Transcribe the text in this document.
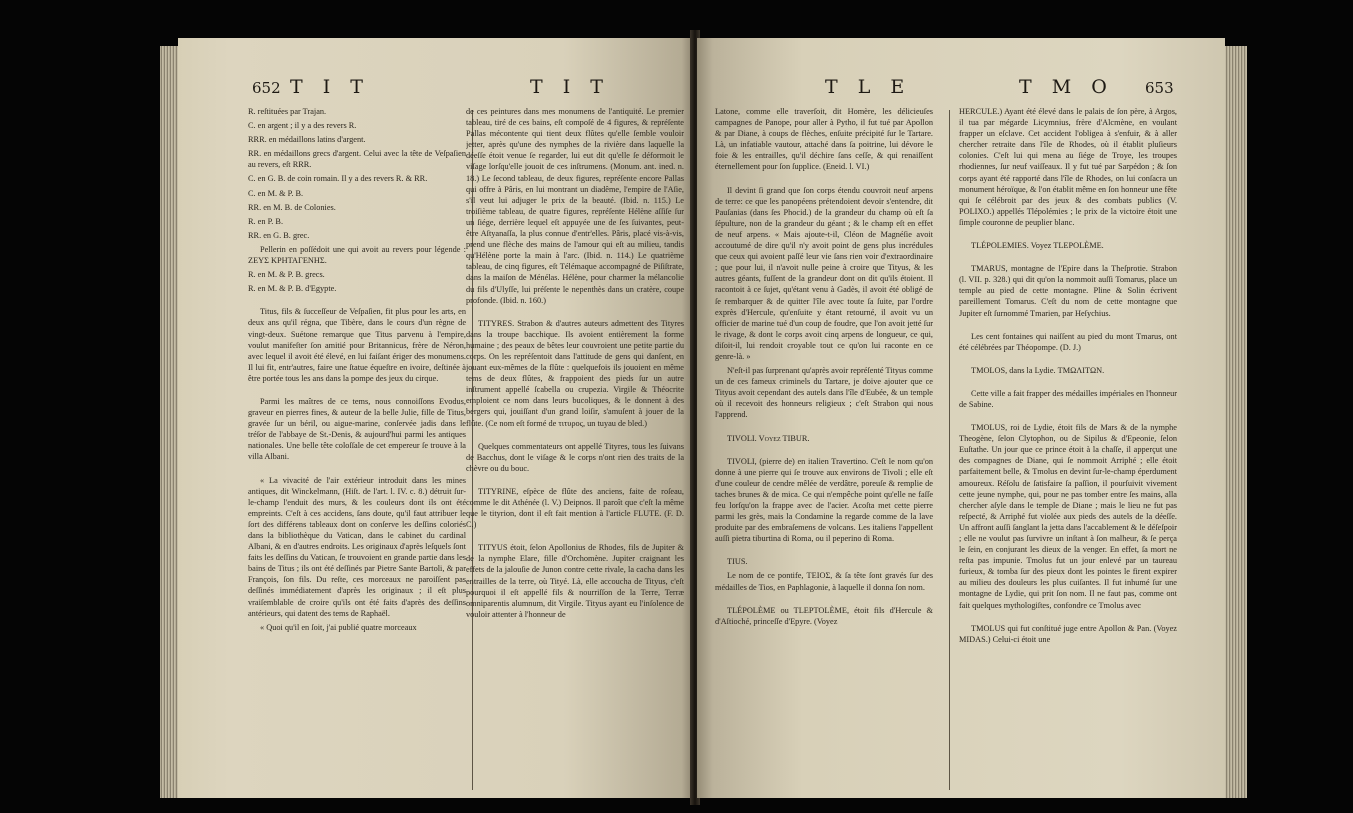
652 T I T	T I T

R. reſtituées par Trajan.

C. en argent ; il y a des revers R.

RRR. en médaillons latins d'argent.

RR. en médaillons grecs d'argent. Celui avec la tête de Veſpaſien au revers, eſt RRR.

C. en G. B. de coin romain. Il y a des revers R. & RR.

C. en M. & P. B.

RR. en M. B. de Colonies.

R. en P. B.

RR. en G. B. grec.

Pellerin en poſſédoit une qui avoit au revers pour légende : ΖΕΥΣ ΚΡΗΤΑΓΕΝΗΣ.

R. en M. & P. B. grecs.

R. en M. & P. B. d'Egypte.

Titus, fils & ſucceſſeur de Veſpaſien, fit plus pour les arts, en deux ans qu'il régna, que Tibère, dans le cours d'un règne de vingt-deux. Suétone remarque que Titus parvenu à l'empire, voulut manifeſter ſon amitié pour Britannicus, frère de Néron, avec lequel il avoit été élevé, en lui faiſant ériger des monumens. Il lui fit, entr'autres, faire une ſtatue équeſtre en ivoire, deſtinée à être portée tous les ans dans la pompe des jeux du cirque.

Parmi les maîtres de ce tems, nous connoiſſons Evodus, graveur en pierres fines, & auteur de la belle Julie, fille de Titus, gravée ſur un béril, ou aigue-marine, conſervée jadis dans le tréſor de l'abbaye de St.-Denis, & aujourd'hui parmi les antiques nationales. Une belle tête coloſſale de cet empereur ſe trouve à la villa Albani.

« La vivacité de l'air extérieur introduit dans les mines antiques, dit Winckelmann, (Hiſt. de l'art. l. IV. c. 8.) détruit ſur-le-champ l'enduit des murs, & les couleurs dont ils ont été empreints. C'eſt à ces accidens, ſans doute, qu'il faut attribuer le ſort des différens tableaux dont on conſerve les deſſins coloriés dans la bibliothèque du Vatican, dans le cabinet du cardinal Albani, & en d'autres endroits. Les originaux d'après leſquels ſont faits les deſſins du Vatican, ſe trouvoient en grande partie dans les bains de Titus ; ils ont été deſſinés par Pietre Sante Bartoli, & par François, ſon fils. Du reſte, ces morceaux ne paroiſſent pas deſſinés immédiatement d'après les originaux ; il eſt plus vraiſemblable de croire qu'ils ont été faits d'après des deſſins antérieurs, qui datent des tems de Raphaël.

« Quoi qu'il en ſoit, j'ai publié quatre morceaux

de ces peintures dans mes monumens de l'antiquité. Le premier tableau, tiré de ces bains, eſt compoſé de 4 figures, & repréſente Pallas mécontente qui tient deux flûtes qu'elle ſemble vouloir jetter, après qu'une des nymphes de la rivière dans laquelle la déeſſe étoit venue ſe regarder, lui eut dit qu'elle ſe déformoit le viſage lorſqu'elle jouoit de ces inſtrumens. (Monum. ant. ined. n. 18.) Le ſecond tableau, de deux figures, repréſente encore Pallas qui offre à Pâris, en lui montrant un diadême, l'empire de l'Aſie, s'il veut lui adjuger le prix de la beauté. (Ibid. n. 115.) Le troiſième tableau, de quatre figures, repréſente Hélène aſſiſe ſur un ſiége, derrière lequel eſt appuyée une de ſes ſuivantes, peut-être Aſtyanaſſa, la plus connue d'entr'elles. Pâris, placé vis-à-vis, prend une flèche des mains de l'amour qui eſt au milieu, tandis qu'Hélène porte la main à l'arc. (Ibid. n. 114.) Le quatrième tableau, de cinq figures, eſt Télémaque accompagné de Piſiſtrate, dans la maiſon de Ménélas. Hélène, pour charmer la mélancolie du fils d'Ulyſſe, lui préſente le nepenthès dans un cratère, coupe profonde. (Ibid. n. 160.)

TITYRES. Strabon & d'autres auteurs admettent des Tityres dans la troupe bacchique. Ils avoient entièrement la forme humaine ; des peaux de bêtes leur couvroient une petite partie du corps. On les repréſentoit dans l'attitude de gens qui danſent, en jouant eux-mêmes de la flûte : quelquefois ils jouoient en même tems de deux flûtes, & frappoient des pieds ſur un autre inſtrument appellé ſcabella ou crupezia. Virgile & Théocrite emploient ce nom dans leurs bucoliques, & le donnent à des bergers qui, jouiſſant d'un grand loiſir, s'amuſent à jouer de la flûte. (Ce nom eſt formé de τιτυρος, un tuyau de bled.)

Quelques commentateurs ont appellé Tityres, tous les ſuivans de Bacchus, dont le viſage & le corps n'ont rien des traits de la chèvre ou du bouc.

TITYRINE, eſpèce de flûte des anciens, faite de roſeau, comme le dit Athénée (l. V.) Deipnos. Il paroît que c'eſt la même que le tityrion, dont il eſt fait mention à l'article FLUTE. (F. D. C.)

TITYUS étoit, ſelon Apollonius de Rhodes, fils de Jupiter & de la nymphe Elare, fille d'Orchomène. Jupiter craignant les effets de la jalouſie de Junon contre cette rivale, la cacha dans les entrailles de la terre, où Tityé. Là, elle accoucha de Tityus, c'eſt pourquoi il eſt appellé fils & nourriſſon de la Terre, Terræ omniparentis alumnum, dit Virgile. Tityus ayant eu l'inſolence de vouloir attenter à l'honneur de

T L E	T M O 653

Latone, comme elle traverſoit, dit Homère, les délicieuſes campagnes de Panope, pour aller à Pytho, il fut tué par Apollon & par Diane, à coups de flèches, enſuite précipité ſur le Tartare. Là, un infatiable vautour, attaché dans ſa poitrine, lui dévore le foie & les entrailles, qu'il déchire ſans ceſſe, & qui renaiſſent éternellement pour ſon ſupplice. (Eneid. l. VI.)

Il devint ſi grand que ſon corps étendu couvroit neuf arpens de terre: ce que les panopéens prétendoient devoir s'entendre, dit Pauſanias (dans ſes Phocid.) de la grandeur du champ où eſt ſa ſépulture, non de la grandeur du géant ; & le champ eſt en effet de neuf arpens. « Mais ajoute-t-il, Cléon de Magnéſie avoit accoutumé de dire qu'il n'y avoit point de gens plus incrédules que ceux qui avoient paſſé leur vie ſans rien voir d'extraordinaire ; que pour lui, il n'avoit nulle peine à croire que Tityus, & les autres géants, fuſſent de la grandeur dont on dit qu'ils étoient. Il racontoit à ce ſujet, qu'étant venu à Gadès, il avoit été obligé de ſe rembarquer & de quitter l'île avec toute ſa ſuite, par l'ordre exprès d'Hercule, qu'enſuite y étant retourné, il avoit vu un officier de marine tué d'un coup de foudre, que l'on avoit jetté ſur le rivage, & dont le corps avoit cinq arpens de longueur, ce qui, diſoit-il, lui rendoit croyable tout ce qu'on lui raconte en ce genre-là. »

N'eſt-il pas ſurprenant qu'après avoir repréſenté Tityus comme un de ces fameux criminels du Tartare, je doive ajouter que ce Tityus avoit cependant des autels dans l'île d'Eubée, & un temple où il recevoit des honneurs religieux ; c'eſt Strabon qui nous l'apprend.

TIVOLI. Voyez TIBUR.

TIVOLI, (pierre de) en italien Travertino. C'eſt le nom qu'on donne à une pierre qui ſe trouve aux environs de Tivoli ; elle eſt d'une couleur de cendre mêlée de verdâtre, poreuſe & remplie de taches brunes & de mica. Ce qui n'empêche point qu'elle ne faſſe feu lorſqu'on la frappe avec de l'acier. Acoſta met cette pierre parmi les grès, mais la Condamine la regarde comme de la lave produite par des embraſemens de volcans. Les italiens l'appellent auſſi pietra tiburtina di Roma, ou il peperino di Roma.

TIUS.

Le nom de ce pontife, ΤΕΙΟΣ, & ſa tête ſont gravés ſur des médailles de Tios, en Paphlagonie, à laquelle il donna ſon nom.

TLÉPOLÈME ou TLEPTOLÈME, étoit fils d'Hercule & d'Aſtioché, princeſſe d'Epyre. (Voyez

HERCULE.) Ayant été élevé dans le palais de ſon père, à Argos, il tua par mégarde Licymnius, frère d'Alcmène, en voulant frapper un eſclave. Cet accident l'obligea à s'enfuir, & à aller chercher retraite dans l'île de Rhodes, où il établit pluſieurs colonies. C'eſt lui qui mena au ſiége de Troye, les troupes rhodiennes, ſur neuf vaiſſeaux. Il y fut tué par Sarpédon ; & ſon corps ayant été rapporté dans l'île de Rhodes, on lui conſacra un monument héroïque, & l'on établit même en ſon honneur une fête qui ſe célébroit par des jeux & des combats publics (V. POLIXO.) appellés Tlépolémies ; le prix de la victoire étoit une ſimple couronne de peuplier blanc.

TLÉPOLEMIES. Voyez TLEPOLÈME.

TMARUS, montagne de l'Epire dans la Theſprotie. Strabon (l. VII. p. 328.) qui dit qu'on la nommoit auſſi Tomarus, place un temple au pied de cette montagne. Pline & Solin écrivent pareillement Tomarus. C'eſt du nom de cette montagne que Jupiter eſt ſurnommé Tmarien, par Heſychius.

Les cent fontaines qui naiſſent au pied du mont Tmarus, ont été célébrées par Théopompe. (D. J.)

TMOLOS, dans la Lydie. ΤΜΩΛΙΤΩΝ.

Cette ville a fait frapper des médailles impériales en l'honneur de Sabine.

TMOLUS, roi de Lydie, étoit fils de Mars & de la nymphe Theogène, ſelon Clytophon, ou de Sipilus & d'Epeonie, ſelon Euſtathe. Un jour que ce prince étoit à la chaſſe, il apperçut une des compagnes de Diane, qui ſe nommoit Arriphé ; elle étoit parfaitement belle, & Tmolus en devint ſur-le-champ éperdument amoureux. Réſolu de ſatisfaire ſa paſſion, il pourſuivit vivement cette jeune nymphe, qui, pour ne pas tomber entre ſes mains, alla chercher aſyle dans le temple de Diane ; mais le lieu ne fut pas reſpecté, & Arriphé fut violée aux pieds des autels de la déeſſe. Un affront auſſi ſanglant la jetta dans l'accablement & le déſeſpoir ; elle ne voulut pas ſurvivre un inſtant à ſon malheur, & ſe perça le ſein, en conjurant les dieux de la venger. En effet, ſa mort ne reſta pas impunie. Tmolus fut un jour enlevé par un taureau furieux, & tomba ſur des pieux dont les pointes le firent expirer au milieu des douleurs les plus cuiſantes. Il fut inhumé ſur une montagne de Lydie, qui prit ſon nom. Il ne faut pas, comme ont fait quelques mythologiſtes, confondre ce Tmolus avec

TMOLUS qui fut conſtitué juge entre Apollon & Pan. (Voyez MIDAS.) Celui-ci étoit une
